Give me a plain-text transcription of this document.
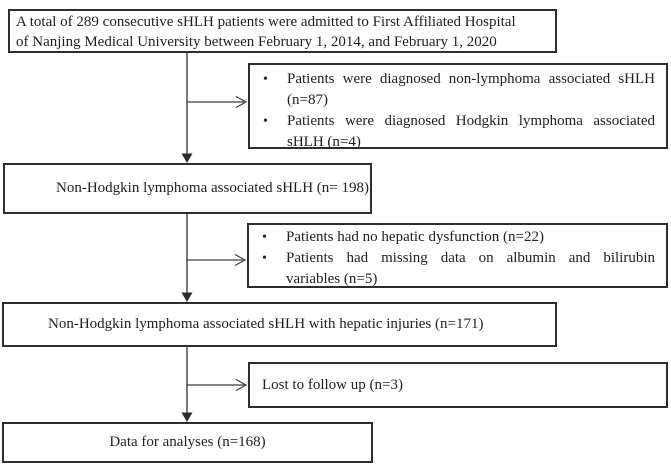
A total of 289 consecutive sHLH patients were admitted to First Affiliated Hospital
of Nanjing Medical University between February 1, 2014, and February 1, 2020
•	Patients were diagnosed non-lymphoma associated sHLH
(n=87)
•	Patients were diagnosed Hodgkin lymphoma associated
sHLH (n=4)
Non-Hodgkin lymphoma associated sHLH (n= 198)
•	Patients had no hepatic dysfunction (n=22)
•	Patients had missing data on albumin and bilirubin
variables (n=5)
Non-Hodgkin lymphoma associated sHLH with hepatic injuries (n=171)
Lost to follow up (n=3)
Data for analyses (n=168)
